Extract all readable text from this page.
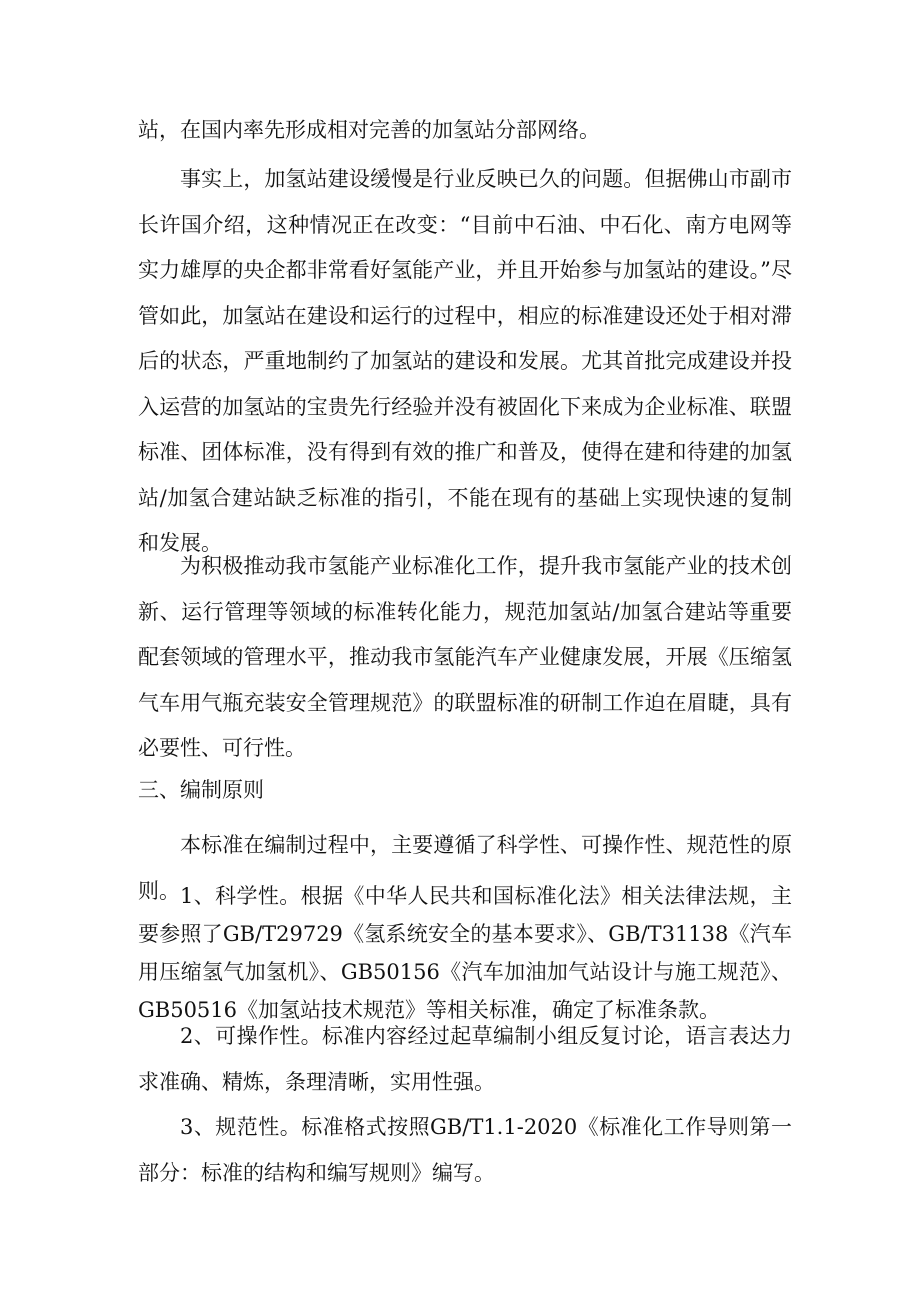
站，在国内率先形成相对完善的加氢站分部网络。

事实上，加氢站建设缓慢是行业反映已久的问题。但据佛山市副市长许国介绍，这种情况正在改变：“目前中石油、中石化、南方电网等实力雄厚的央企都非常看好氢能产业，并且开始参与加氢站的建设。”尽管如此，加氢站在建设和运行的过程中，相应的标准建设还处于相对滞后的状态，严重地制约了加氢站的建设和发展。尤其首批完成建设并投入运营的加氢站的宝贵先行经验并没有被固化下来成为企业标准、联盟标准、团体标准，没有得到有效的推广和普及，使得在建和待建的加氢站/加氢合建站缺乏标准的指引，不能在现有的基础上实现快速的复制和发展。

为积极推动我市氢能产业标准化工作，提升我市氢能产业的技术创新、运行管理等领域的标准转化能力，规范加氢站/加氢合建站等重要配套领域的管理水平，推动我市氢能汽车产业健康发展，开展《压缩氢气车用气瓶充装安全管理规范》的联盟标准的研制工作迫在眉睫，具有必要性、可行性。

三、编制原则

本标准在编制过程中，主要遵循了科学性、可操作性、规范性的原则。 1、科学性。根据《中华人民共和国标准化法》相关法律法规，主要参照了GB/T29729《氢系统安全的基本要求》、GB/T31138《汽车用压缩氢气加氢机》、GB50156《汽车加油加气站设计与施工规范》、GB50516《加氢站技术规范》等相关标准，确定了标准条款。

2、可操作性。标准内容经过起草编制小组反复讨论，语言表达力求准确、精炼，条理清晰，实用性强。

3、规范性。标准格式按照GB/T1.1-2020《标准化工作导则第一部分：标准的结构和编写规则》编写。
